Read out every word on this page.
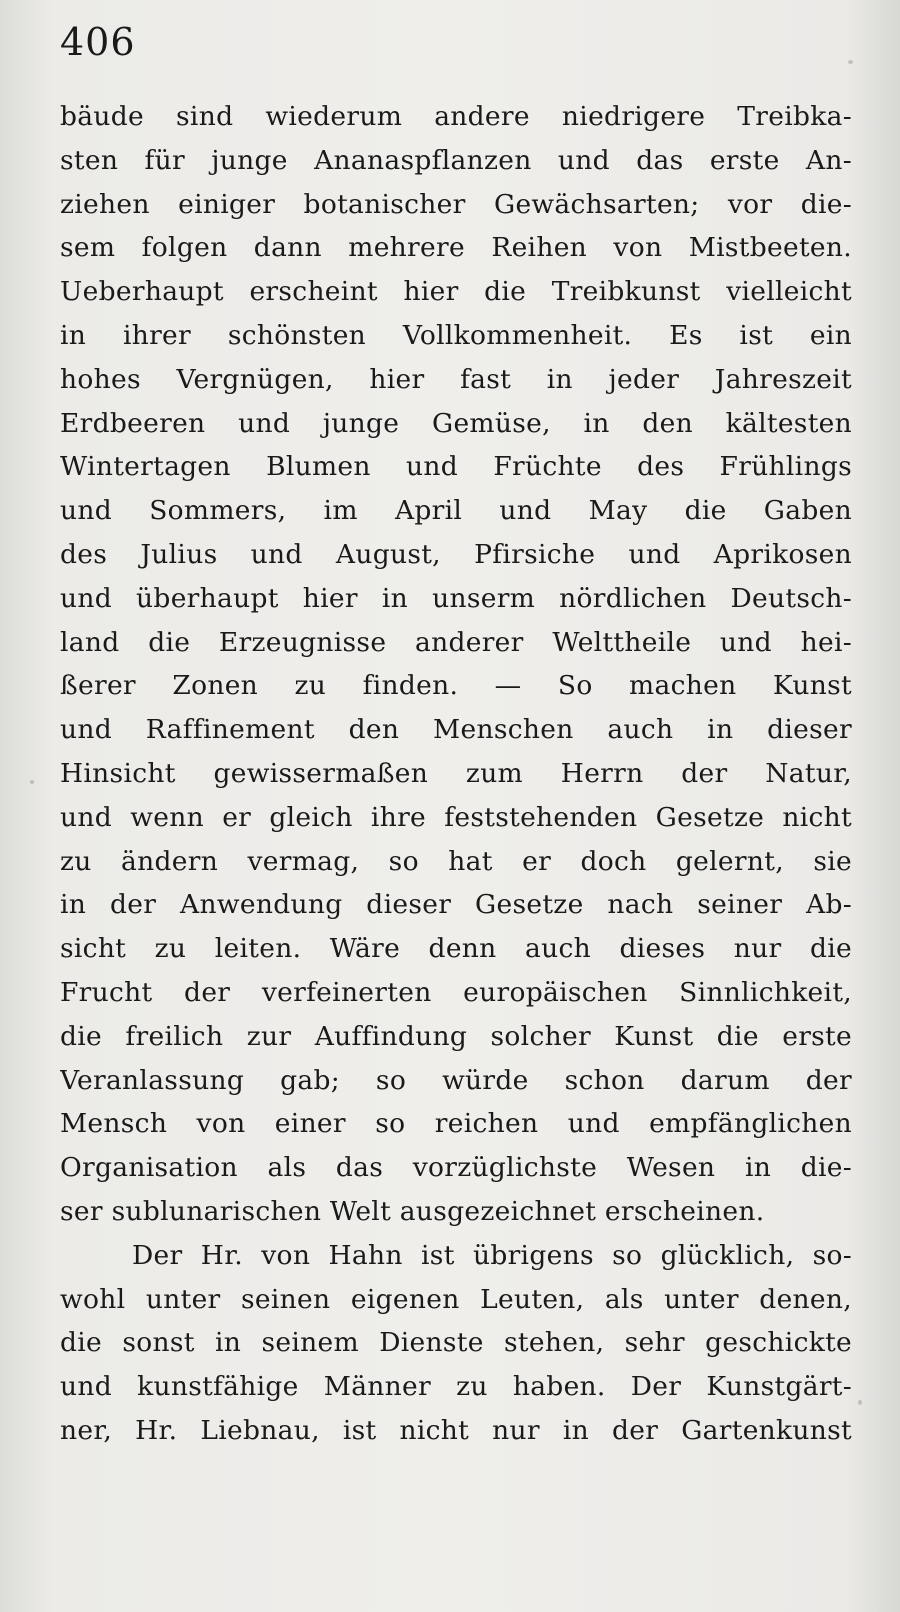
406
bäude sind wiederum andere niedrigere Treibka-
sten für junge Ananaspflanzen und das erste An-
ziehen einiger botanischer Gewächsarten; vor die-
sem folgen dann mehrere Reihen von Mistbeeten.
Ueberhaupt erscheint hier die Treibkunst vielleicht
in ihrer schönsten Vollkommenheit. Es ist ein
hohes Vergnügen, hier fast in jeder Jahreszeit
Erdbeeren und junge Gemüse, in den kältesten
Wintertagen Blumen und Früchte des Frühlings
und Sommers, im April und May die Gaben
des Julius und August, Pfirsiche und Aprikosen
und überhaupt hier in unserm nördlichen Deutsch-
land die Erzeugnisse anderer Welttheile und hei-
ßerer Zonen zu finden. — So machen Kunst
und Raffinement den Menschen auch in dieser
Hinsicht gewissermaßen zum Herrn der Natur,
und wenn er gleich ihre feststehenden Gesetze nicht
zu ändern vermag, so hat er doch gelernt, sie
in der Anwendung dieser Gesetze nach seiner Ab-
sicht zu leiten. Wäre denn auch dieses nur die
Frucht der verfeinerten europäischen Sinnlichkeit,
die freilich zur Auffindung solcher Kunst die erste
Veranlassung gab; so würde schon darum der
Mensch von einer so reichen und empfänglichen
Organisation als das vorzüglichste Wesen in die-
ser sublunarischen Welt ausgezeichnet erscheinen.
Der Hr. von Hahn ist übrigens so glücklich, so-
wohl unter seinen eigenen Leuten, als unter denen,
die sonst in seinem Dienste stehen, sehr geschickte
und kunstfähige Männer zu haben. Der Kunstgärt-
ner, Hr. Liebnau, ist nicht nur in der Gartenkunst
